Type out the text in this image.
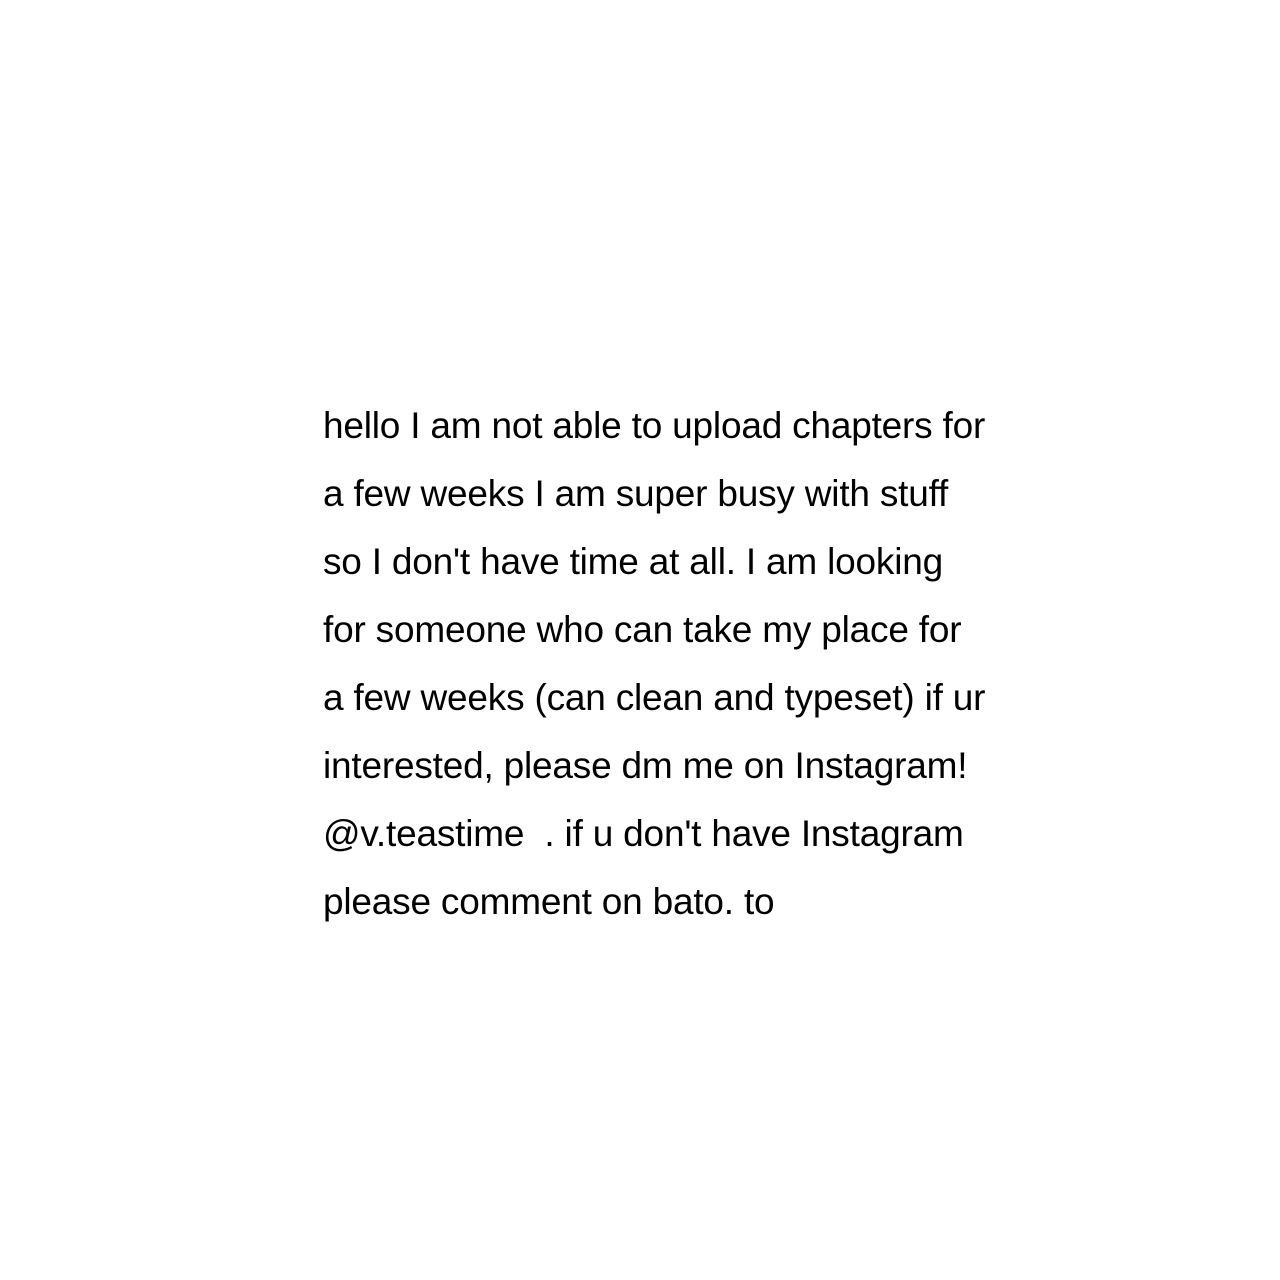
hello I am not able to upload chapters for
a few weeks I am super busy with stuff
so I don't have time at all. I am looking
for someone who can take my place for
a few weeks (can clean and typeset) if ur
interested, please dm me on Instagram!
@v.teastime  . if u don't have Instagram
please comment on bato. to
